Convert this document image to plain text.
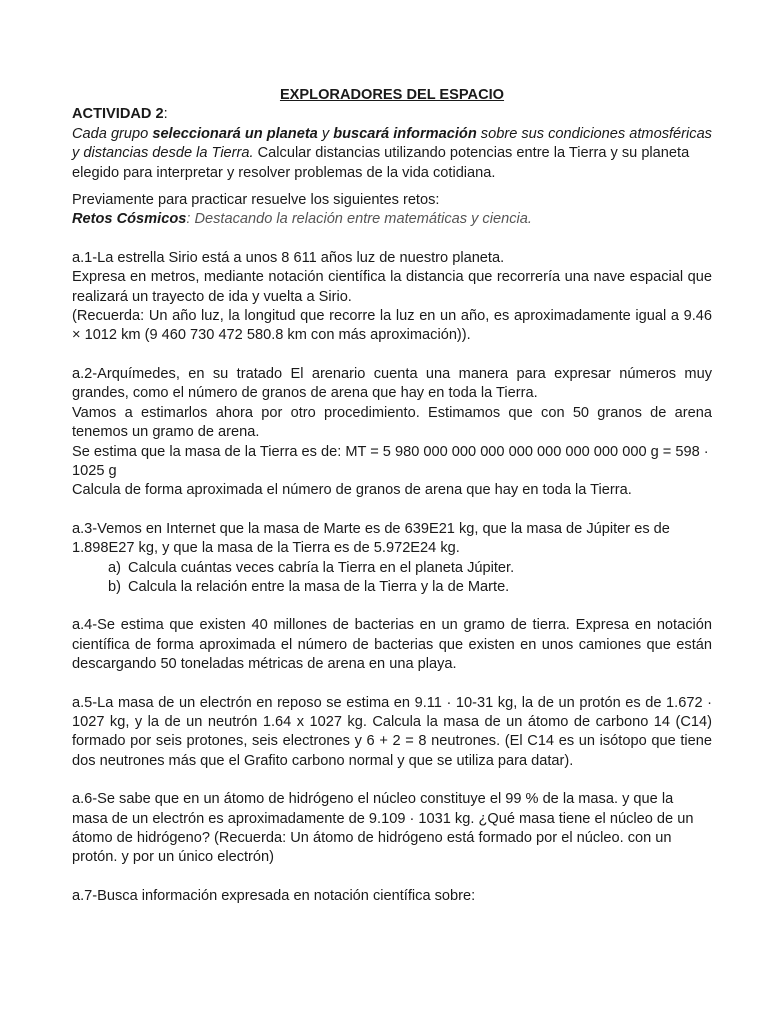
EXPLORADORES DEL ESPACIO

ACTIVIDAD 2:

Cada grupo seleccionará un planeta y buscará información sobre sus condiciones atmosféricas y distancias desde la Tierra. Calcular distancias utilizando potencias entre la Tierra y su planeta elegido para interpretar y resolver problemas de la vida cotidiana.

Previamente para practicar resuelve los siguientes retos:

Retos Cósmicos: Destacando la relación entre matemáticas y ciencia.

a.1-La estrella Sirio está a unos 8 611 años luz de nuestro planeta.

Expresa en metros, mediante notación científica la distancia que recorrería una nave espacial que realizará un trayecto de ida y vuelta a Sirio.

(Recuerda: Un año luz, la longitud que recorre la luz en un año, es aproximadamente igual a 9.46 × 1012 km (9 460 730 472 580.8 km con más aproximación)).

a.2-Arquímedes, en su tratado El arenario cuenta una manera para expresar números muy grandes, como el número de granos de arena que hay en toda la Tierra.

Vamos a estimarlos ahora por otro procedimiento. Estimamos que con 50 granos de arena tenemos un gramo de arena.

Se estima que la masa de la Tierra es de: MT = 5 980 000 000 000 000 000 000 000 000 g = 598 · 1025 g

Calcula de forma aproximada el número de granos de arena que hay en toda la Tierra.

a.3-Vemos en Internet que la masa de Marte es de 639E21 kg, que la masa de Júpiter es de 1.898E27 kg, y que la masa de la Tierra es de 5.972E24 kg.

a) Calcula cuántas veces cabría la Tierra en el planeta Júpiter.
b) Calcula la relación entre la masa de la Tierra y la de Marte.

a.4-Se estima que existen 40 millones de bacterias en un gramo de tierra. Expresa en notación científica de forma aproximada el número de bacterias que existen en unos camiones que están descargando 50 toneladas métricas de arena en una playa.

a.5-La masa de un electrón en reposo se estima en 9.11 · 10-31 kg, la de un protón es de 1.672 · 1027 kg, y la de un neutrón 1.64 x 1027 kg. Calcula la masa de un átomo de carbono 14 (C14) formado por seis protones, seis electrones y 6 + 2 = 8 neutrones. (El C14 es un isótopo que tiene dos neutrones más que el Grafito carbono normal y que se utiliza para datar).

a.6-Se sabe que en un átomo de hidrógeno el núcleo constituye el 99 % de la masa. y que la masa de un electrón es aproximadamente de 9.109 · 1031 kg. ¿Qué masa tiene el núcleo de un átomo de hidrógeno? (Recuerda: Un átomo de hidrógeno está formado por el núcleo. con un protón. y por un único electrón)

a.7-Busca información expresada en notación científica sobre:
